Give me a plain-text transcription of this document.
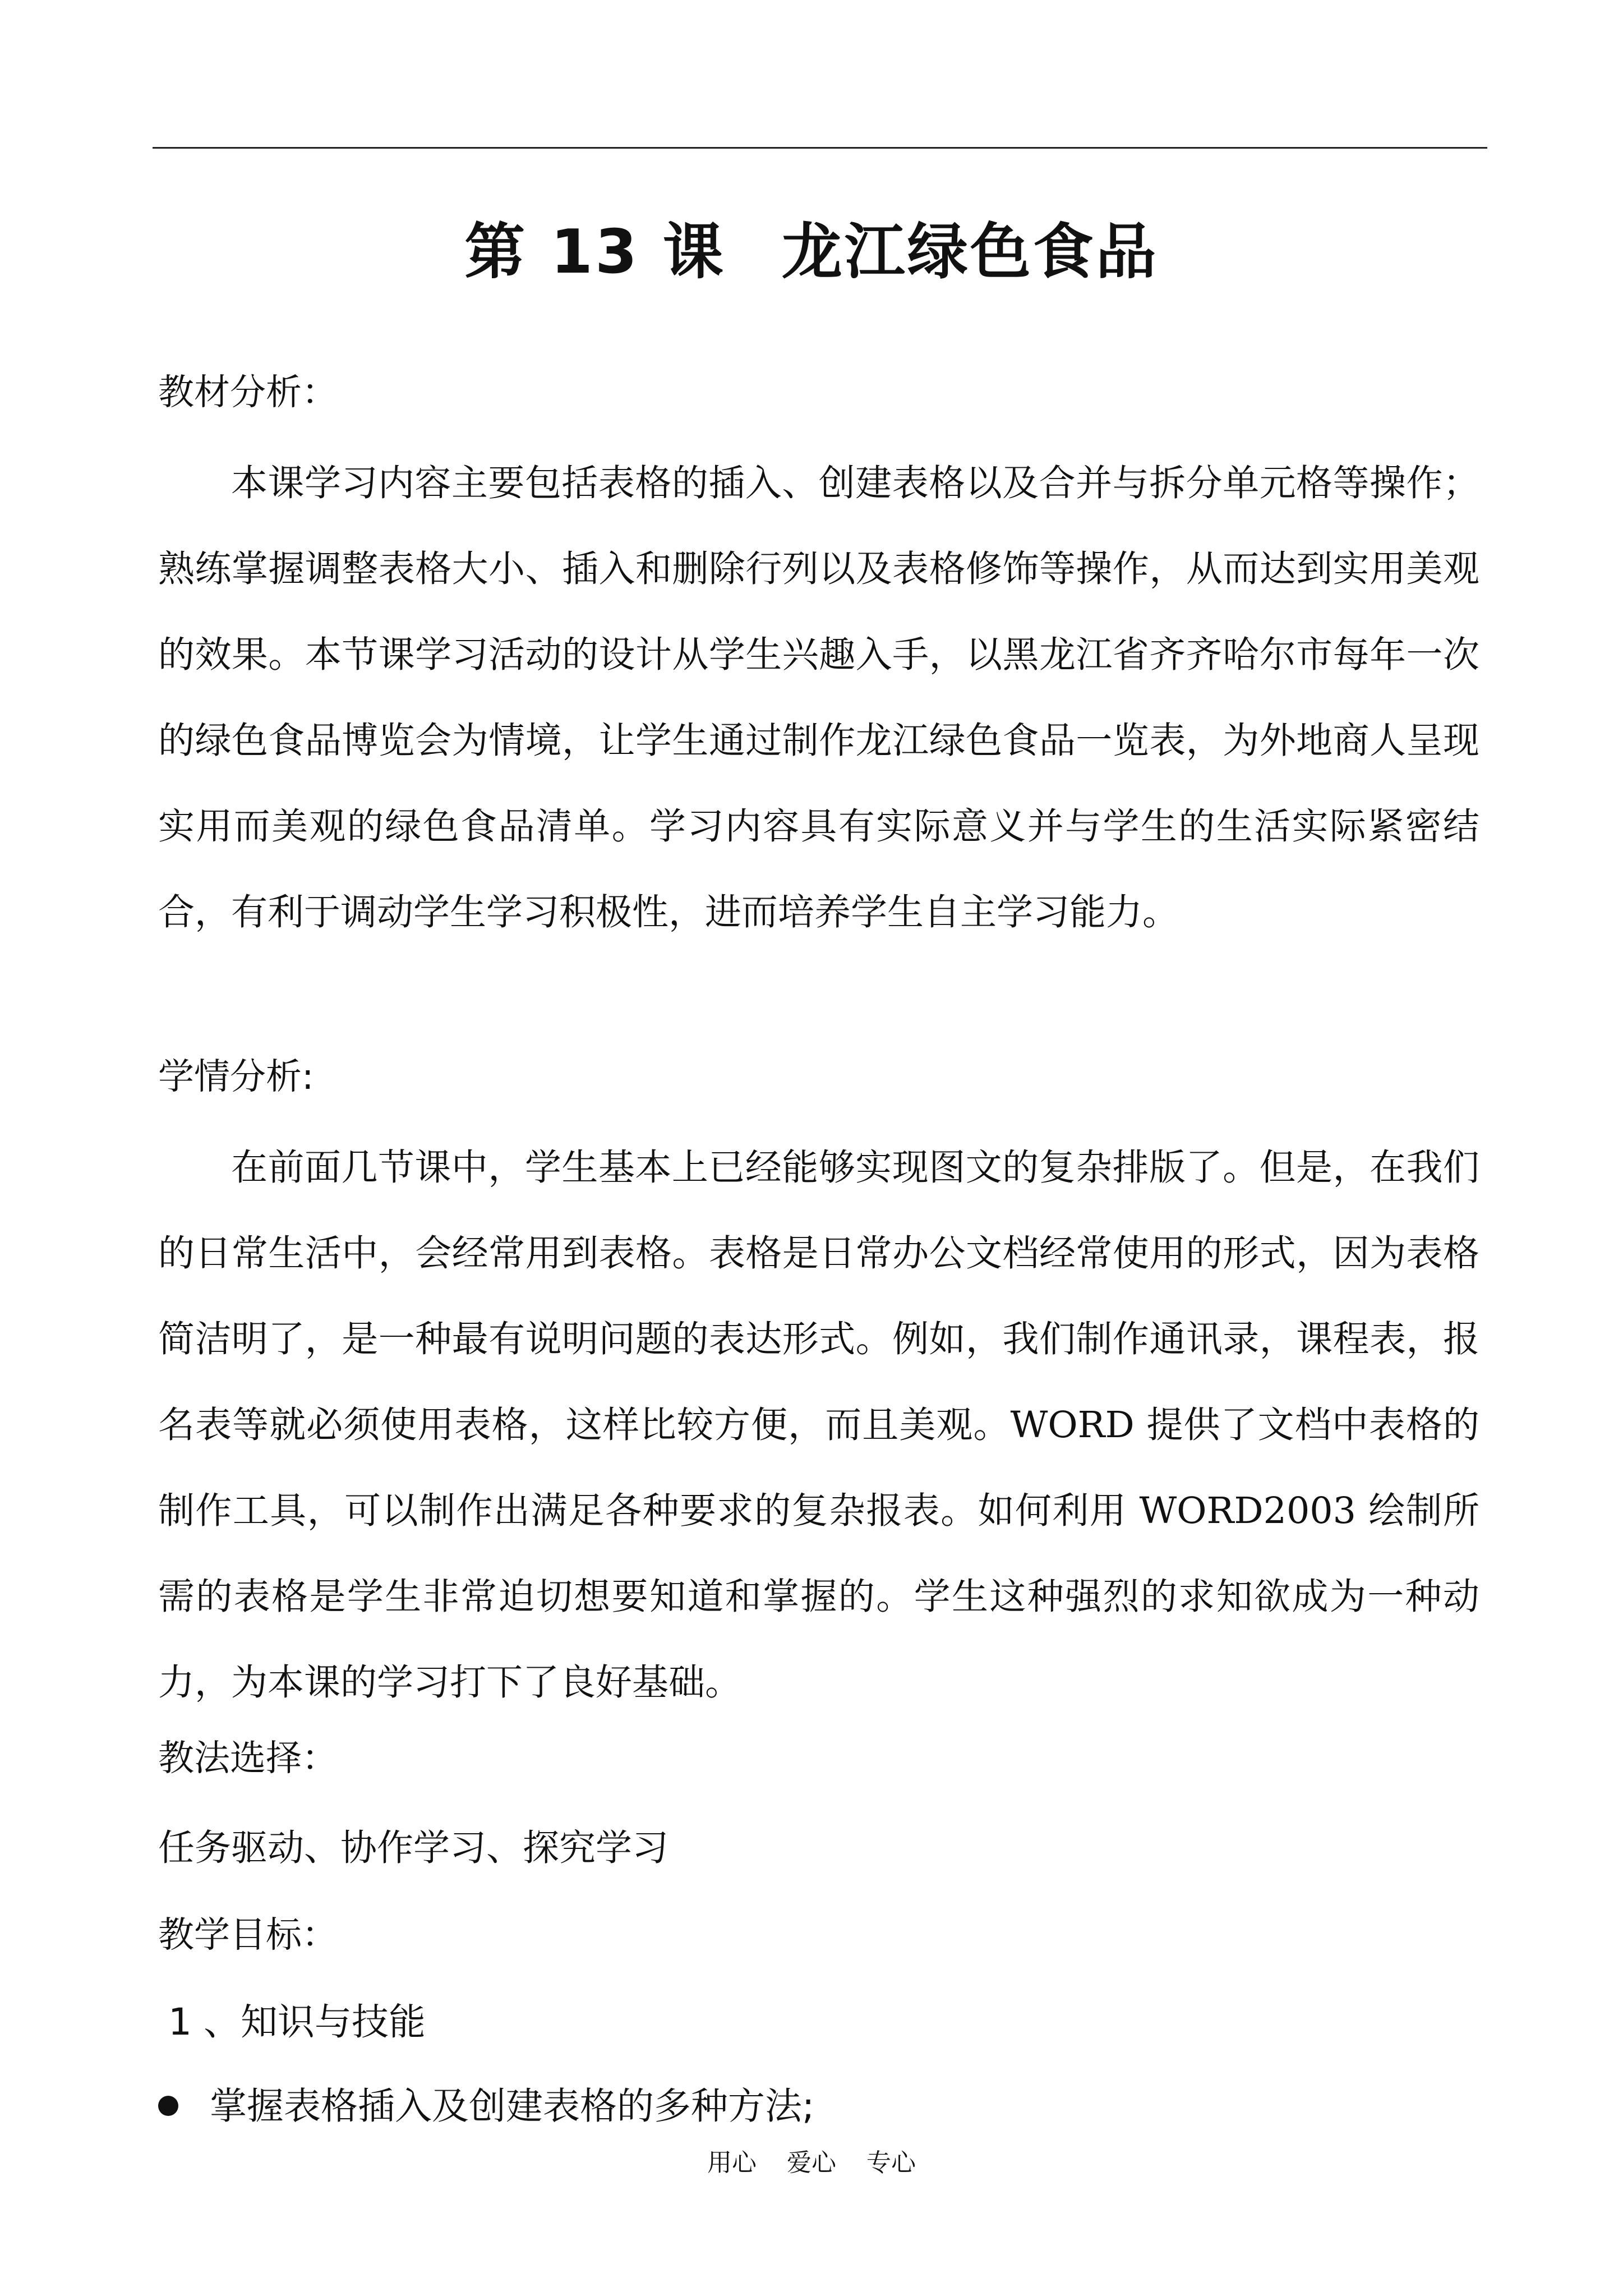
第 13 课 龙江绿色食品
教材分析：

本课学习内容主要包括表格的插入、创建表格以及合并与拆分单元格等操作；熟练掌握调整表格大小、插入和删除行列以及表格修饰等操作，从而达到实用美观的效果。本节课学习活动的设计从学生兴趣入手，以黑龙江省齐齐哈尔市每年一次的绿色食品博览会为情境，让学生通过制作龙江绿色食品一览表，为外地商人呈现实用而美观的绿色食品清单。学习内容具有实际意义并与学生的生活实际紧密结合，有利于调动学生学习积极性，进而培养学生自主学习能力。

学情分析:

在前面几节课中，学生基本上已经能够实现图文的复杂排版了。但是，在我们的日常生活中，会经常用到表格。表格是日常办公文档经常使用的形式，因为表格简洁明了，是一种最有说明问题的表达形式。例如，我们制作通讯录，课程表，报名表等就必须使用表格，这样比较方便，而且美观。WORD 提供了文档中表格的制作工具，可以制作出满足各种要求的复杂报表。如何利用 WORD2003 绘制所需的表格是学生非常迫切想要知道和掌握的。学生这种强烈的求知欲成为一种动力，为本课的学习打下了良好基础。

教法选择：
任务驱动、协作学习、探究学习
教学目标：
1 、知识与技能
掌握表格插入及创建表格的多种方法;
用心 爱心 专心
